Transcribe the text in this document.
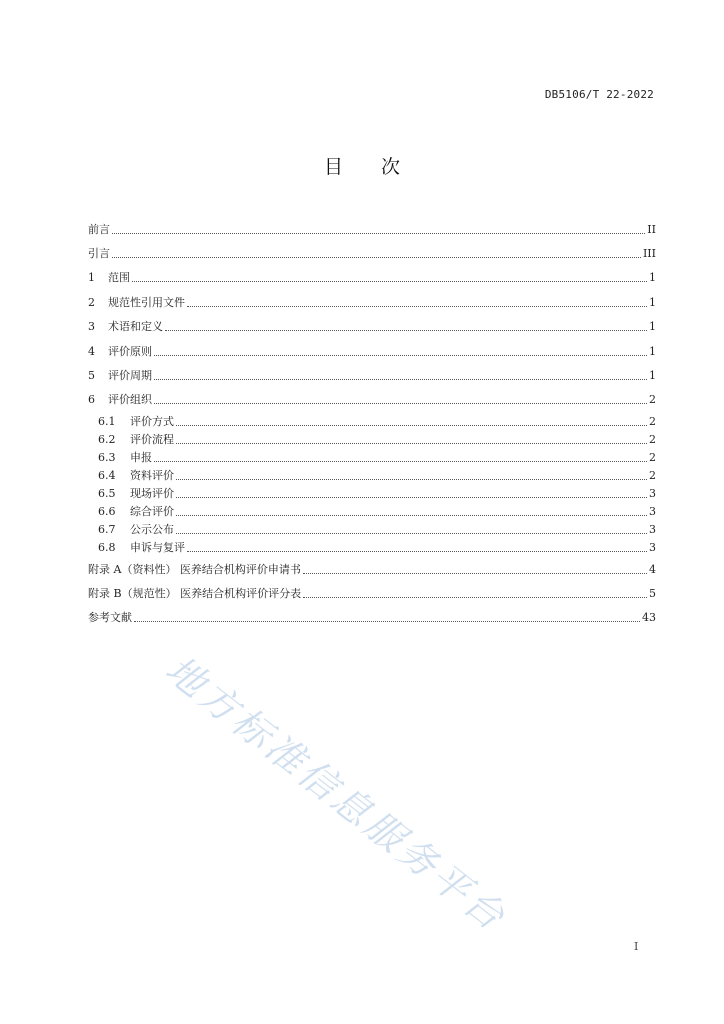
DB5106/T 22-2022
目 次
前言	II
引言	III
1	范围	1
2	规范性引用文件	1
3	术语和定义	1
4	评价原则	1
5	评价周期	1
6	评价组织	2
6.1	评价方式	2
6.2	评价流程	2
6.3	申报	2
6.4	资料评价	2
6.5	现场评价	3
6.6	综合评价	3
6.7	公示公布	3
6.8	申诉与复评	3
附录 A（资料性） 医养结合机构评价申请书	4
附录 B（规范性） 医养结合机构评价评分表	5
参考文献	43
地方标准信息服务平台
I
